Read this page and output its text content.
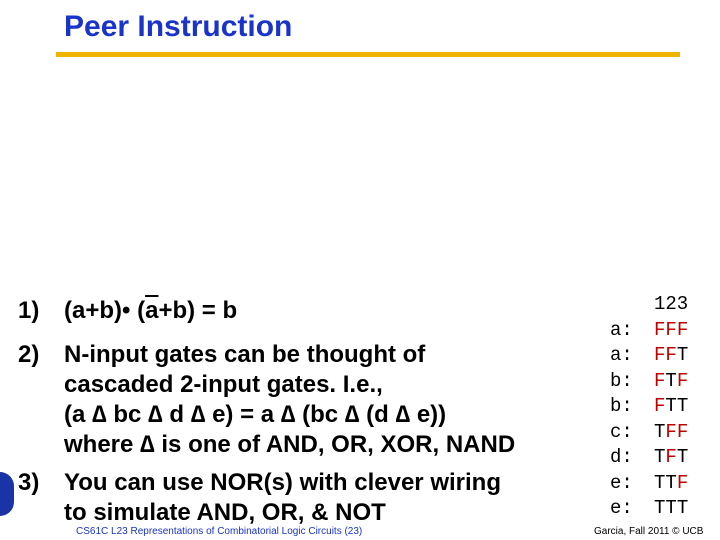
Peer Instruction
1) (a+b)• $(\overline{a}+b) = b$
2) N-input gates can be thought of
cascaded 2-input gates. I.e.,
(a ∆ bc ∆ d ∆ e) = a ∆ (bc ∆ (d ∆ e))
where ∆ is one of AND, OR, XOR, NAND
3) You can use NOR(s) with clever wiring
to simulate AND, OR, & NOT
123
a: FFF
a: FFT
b: FTF
b: FTT
c: TFF
d: TFT
e: TTF
e: TTT
CS61C L23 Representations of Combinatorial Logic Circuits (23)	Garcia, Fall 2011 © UCB
